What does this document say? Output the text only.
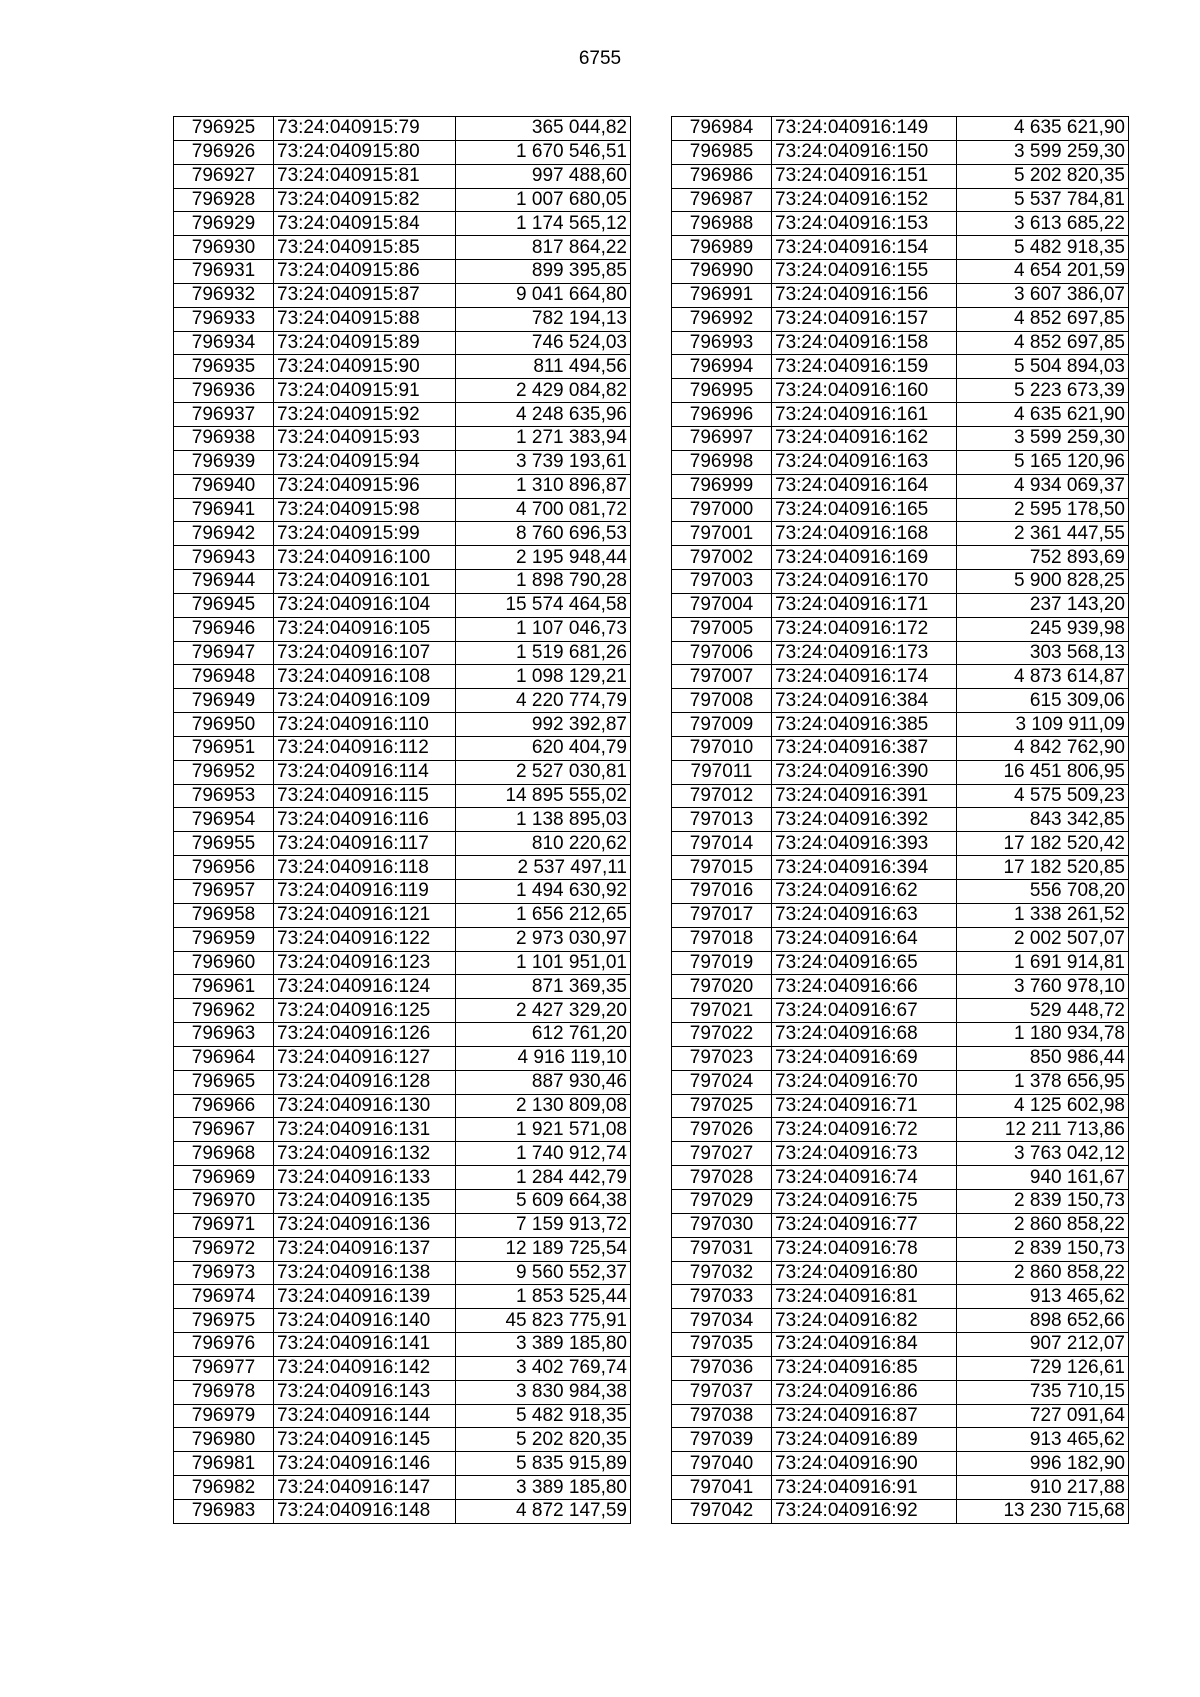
6755
796925	73:24:040915:79	365 044,82
796926	73:24:040915:80	1 670 546,51
796927	73:24:040915:81	997 488,60
796928	73:24:040915:82	1 007 680,05
796929	73:24:040915:84	1 174 565,12
796930	73:24:040915:85	817 864,22
796931	73:24:040915:86	899 395,85
796932	73:24:040915:87	9 041 664,80
796933	73:24:040915:88	782 194,13
796934	73:24:040915:89	746 524,03
796935	73:24:040915:90	811 494,56
796936	73:24:040915:91	2 429 084,82
796937	73:24:040915:92	4 248 635,96
796938	73:24:040915:93	1 271 383,94
796939	73:24:040915:94	3 739 193,61
796940	73:24:040915:96	1 310 896,87
796941	73:24:040915:98	4 700 081,72
796942	73:24:040915:99	8 760 696,53
796943	73:24:040916:100	2 195 948,44
796944	73:24:040916:101	1 898 790,28
796945	73:24:040916:104	15 574 464,58
796946	73:24:040916:105	1 107 046,73
796947	73:24:040916:107	1 519 681,26
796948	73:24:040916:108	1 098 129,21
796949	73:24:040916:109	4 220 774,79
796950	73:24:040916:110	992 392,87
796951	73:24:040916:112	620 404,79
796952	73:24:040916:114	2 527 030,81
796953	73:24:040916:115	14 895 555,02
796954	73:24:040916:116	1 138 895,03
796955	73:24:040916:117	810 220,62
796956	73:24:040916:118	2 537 497,11
796957	73:24:040916:119	1 494 630,92
796958	73:24:040916:121	1 656 212,65
796959	73:24:040916:122	2 973 030,97
796960	73:24:040916:123	1 101 951,01
796961	73:24:040916:124	871 369,35
796962	73:24:040916:125	2 427 329,20
796963	73:24:040916:126	612 761,20
796964	73:24:040916:127	4 916 119,10
796965	73:24:040916:128	887 930,46
796966	73:24:040916:130	2 130 809,08
796967	73:24:040916:131	1 921 571,08
796968	73:24:040916:132	1 740 912,74
796969	73:24:040916:133	1 284 442,79
796970	73:24:040916:135	5 609 664,38
796971	73:24:040916:136	7 159 913,72
796972	73:24:040916:137	12 189 725,54
796973	73:24:040916:138	9 560 552,37
796974	73:24:040916:139	1 853 525,44
796975	73:24:040916:140	45 823 775,91
796976	73:24:040916:141	3 389 185,80
796977	73:24:040916:142	3 402 769,74
796978	73:24:040916:143	3 830 984,38
796979	73:24:040916:144	5 482 918,35
796980	73:24:040916:145	5 202 820,35
796981	73:24:040916:146	5 835 915,89
796982	73:24:040916:147	3 389 185,80
796983	73:24:040916:148	4 872 147,59
796984	73:24:040916:149	4 635 621,90
796985	73:24:040916:150	3 599 259,30
796986	73:24:040916:151	5 202 820,35
796987	73:24:040916:152	5 537 784,81
796988	73:24:040916:153	3 613 685,22
796989	73:24:040916:154	5 482 918,35
796990	73:24:040916:155	4 654 201,59
796991	73:24:040916:156	3 607 386,07
796992	73:24:040916:157	4 852 697,85
796993	73:24:040916:158	4 852 697,85
796994	73:24:040916:159	5 504 894,03
796995	73:24:040916:160	5 223 673,39
796996	73:24:040916:161	4 635 621,90
796997	73:24:040916:162	3 599 259,30
796998	73:24:040916:163	5 165 120,96
796999	73:24:040916:164	4 934 069,37
797000	73:24:040916:165	2 595 178,50
797001	73:24:040916:168	2 361 447,55
797002	73:24:040916:169	752 893,69
797003	73:24:040916:170	5 900 828,25
797004	73:24:040916:171	237 143,20
797005	73:24:040916:172	245 939,98
797006	73:24:040916:173	303 568,13
797007	73:24:040916:174	4 873 614,87
797008	73:24:040916:384	615 309,06
797009	73:24:040916:385	3 109 911,09
797010	73:24:040916:387	4 842 762,90
797011	73:24:040916:390	16 451 806,95
797012	73:24:040916:391	4 575 509,23
797013	73:24:040916:392	843 342,85
797014	73:24:040916:393	17 182 520,42
797015	73:24:040916:394	17 182 520,85
797016	73:24:040916:62	556 708,20
797017	73:24:040916:63	1 338 261,52
797018	73:24:040916:64	2 002 507,07
797019	73:24:040916:65	1 691 914,81
797020	73:24:040916:66	3 760 978,10
797021	73:24:040916:67	529 448,72
797022	73:24:040916:68	1 180 934,78
797023	73:24:040916:69	850 986,44
797024	73:24:040916:70	1 378 656,95
797025	73:24:040916:71	4 125 602,98
797026	73:24:040916:72	12 211 713,86
797027	73:24:040916:73	3 763 042,12
797028	73:24:040916:74	940 161,67
797029	73:24:040916:75	2 839 150,73
797030	73:24:040916:77	2 860 858,22
797031	73:24:040916:78	2 839 150,73
797032	73:24:040916:80	2 860 858,22
797033	73:24:040916:81	913 465,62
797034	73:24:040916:82	898 652,66
797035	73:24:040916:84	907 212,07
797036	73:24:040916:85	729 126,61
797037	73:24:040916:86	735 710,15
797038	73:24:040916:87	727 091,64
797039	73:24:040916:89	913 465,62
797040	73:24:040916:90	996 182,90
797041	73:24:040916:91	910 217,88
797042	73:24:040916:92	13 230 715,68
